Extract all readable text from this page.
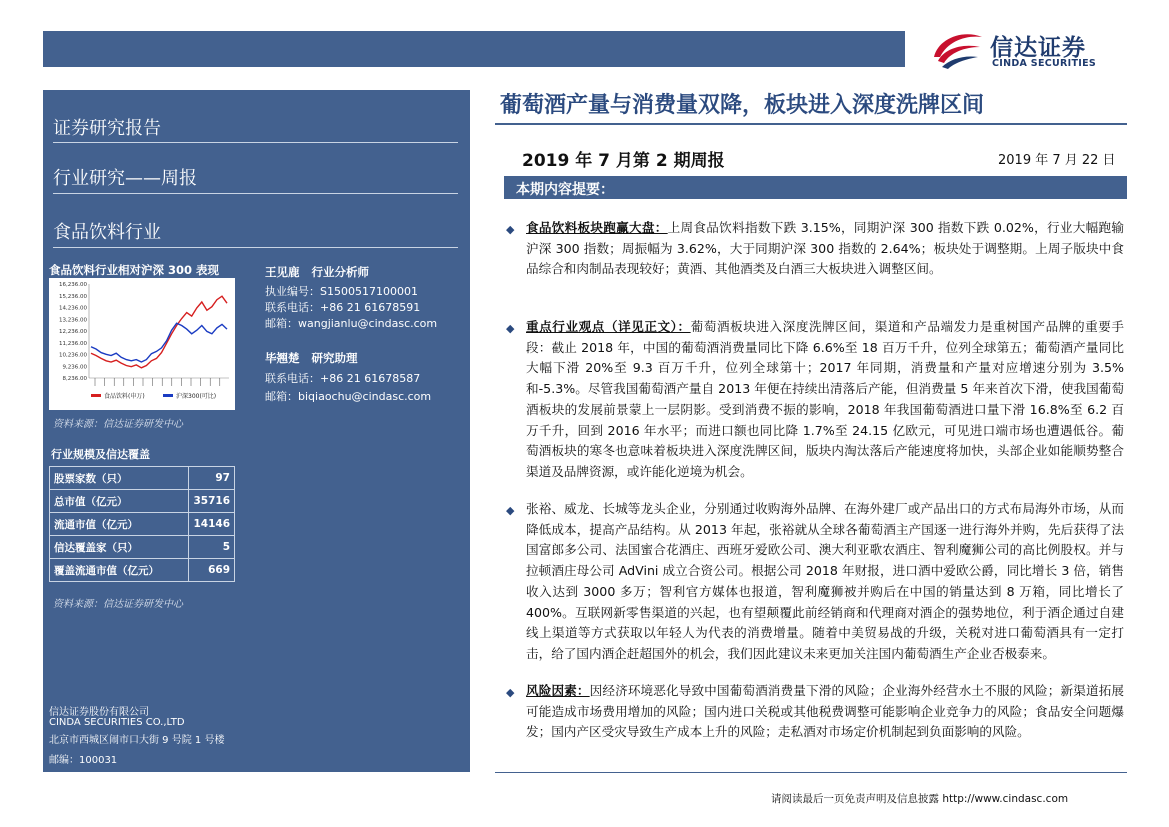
信达证券
CINDA SECURITIES
证券研究报告
行业研究——周报
食品饮料行业
食品饮料行业相对沪深 300 表现
16,236.00
15,236.00
14,236.00
13,236.00
12,236.00
11,236.00
10,236.00
9,236.00
8,236.00
食品饮料(申万)	沪深300(可比)
资料来源：信达证券研发中心
王见鹿 行业分析师
执业编号：S1500517100001
联系电话：+86 21 61678591
邮箱：wangjianlu@cindasc.com
毕翘楚 研究助理
联系电话：+86 21 61678587
邮箱：biqiaochu@cindasc.com
行业规模及信达覆盖
股票家数（只）	97
总市值（亿元）	35716
流通市值（亿元）	14146
信达覆盖家（只）	5
覆盖流通市值（亿元）	669
资料来源：信达证券研发中心
信达证券股份有限公司
CINDA SECURITIES CO.,LTD
北京市西城区闹市口大街 9 号院 1 号楼
邮编：100031
葡萄酒产量与消费量双降，板块进入深度洗牌区间
2019 年 7 月第 2 期周报	2019 年 7 月 22 日
本期内容提要：
◆ 食品饮料板块跑赢大盘：上周食品饮料指数下跌 3.15%，同期沪深 300 指数下跌 0.02%，行业大幅跑输沪深 300 指数；周振幅为 3.62%，大于同期沪深 300 指数的 2.64%；板块处于调整期。上周子版块中食品综合和肉制品表现较好；黄酒、其他酒类及白酒三大板块进入调整区间。
◆ 重点行业观点（详见正文）：葡萄酒板块进入深度洗牌区间，渠道和产品端发力是重树国产品牌的重要手段：截止 2018 年，中国的葡萄酒消费量同比下降 6.6%至 18 百万千升，位列全球第五；葡萄酒产量同比大幅下滑 20%至 9.3 百万千升，位列全球第十；2017 年同期，消费量和产量对应增速分别为 3.5%和-5.3%。尽管我国葡萄酒产量自 2013 年便在持续出清落后产能，但消费量 5 年来首次下滑，使我国葡萄酒板块的发展前景蒙上一层阴影。受到消费不振的影响，2018 年我国葡萄酒进口量下滑 16.8%至 6.2 百万千升，回到 2016 年水平；而进口额也同比降 1.7%至 24.15 亿欧元，可见进口端市场也遭遇低谷。葡萄酒板块的寒冬也意味着板块进入深度洗牌区间，版块内淘汰落后产能速度将加快，头部企业如能顺势整合渠道及品牌资源，或许能化逆境为机会。
◆ 张裕、威龙、长城等龙头企业，分别通过收购海外品牌、在海外建厂或产品出口的方式布局海外市场，从而降低成本，提高产品结构。从 2013 年起，张裕就从全球各葡萄酒主产国逐一进行海外并购，先后获得了法国富郎多公司、法国蜜合花酒庄、西班牙爱欧公司、澳大利亚歌农酒庄、智利魔狮公司的高比例股权。并与拉顿酒庄母公司 AdVini 成立合资公司。根据公司 2018 年财报，进口酒中爱欧公爵，同比增长 3 倍，销售收入达到 3000 多万；智利官方媒体也报道，智利魔狮被并购后在中国的销量达到 8 万箱，同比增长了 400%。互联网新零售渠道的兴起，也有望颠覆此前经销商和代理商对酒企的强势地位，利于酒企通过自建线上渠道等方式获取以年轻人为代表的消费增量。随着中美贸易战的升级，关税对进口葡萄酒具有一定打击，给了国内酒企赶超国外的机会，我们因此建议未来更加关注国内葡萄酒生产企业否极泰来。
◆ 风险因素：因经济环境恶化导致中国葡萄酒消费量下滑的风险；企业海外经营水土不服的风险；新渠道拓展可能造成市场费用增加的风险；国内进口关税或其他税费调整可能影响企业竞争力的风险；食品安全问题爆发；国内产区受灾导致生产成本上升的风险；走私酒对市场定价机制起到负面影响的风险。
请阅读最后一页免责声明及信息披露 http://www.cindasc.com
